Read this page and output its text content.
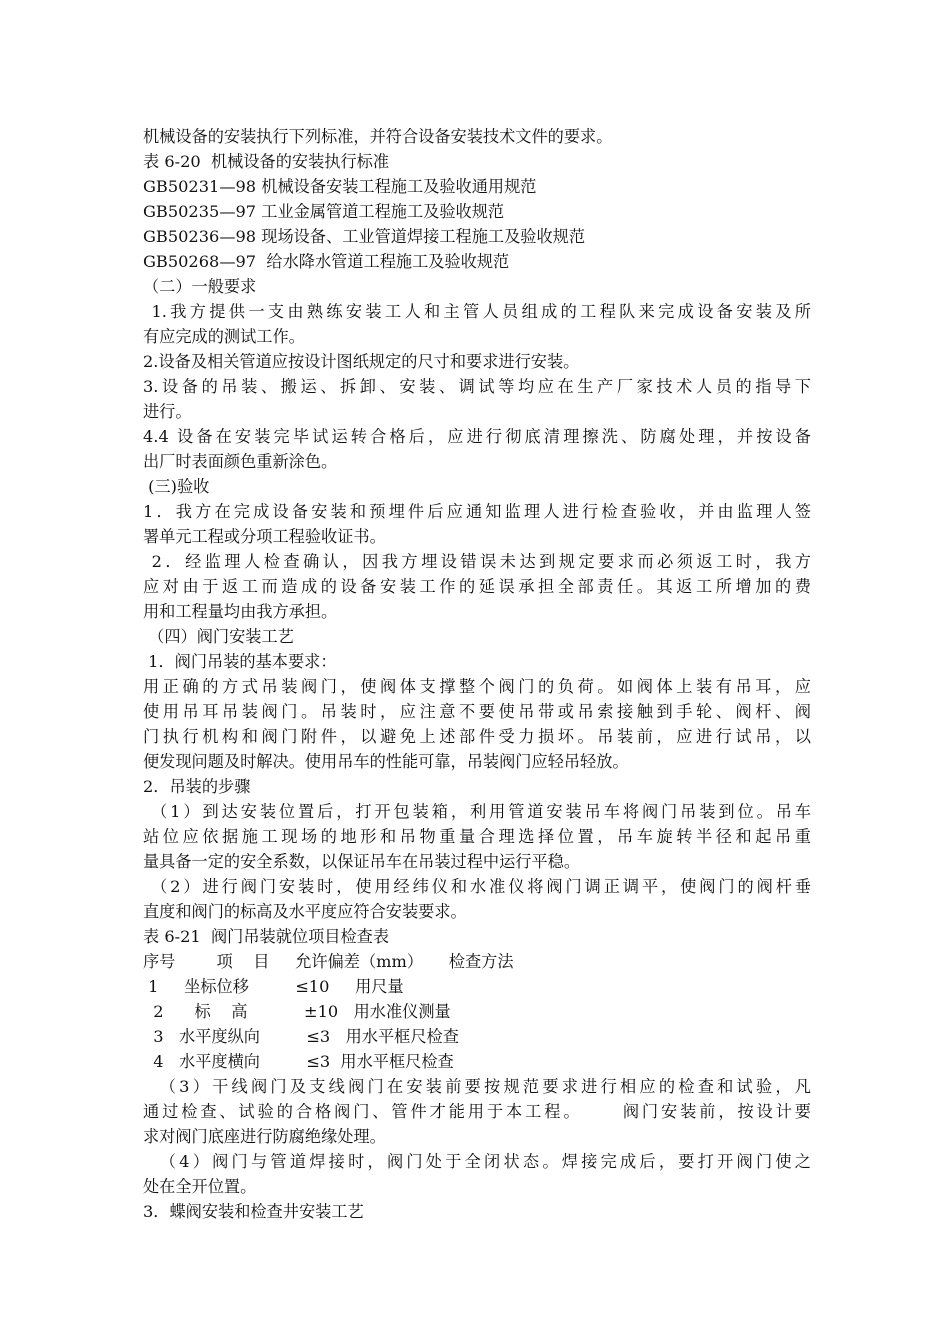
机械设备的安装执行下列标准，并符合设备安装技术文件的要求。
表 6-20  机械设备的安装执行标准
GB50231—98 机械设备安装工程施工及验收通用规范
GB50235—97 工业金属管道工程施工及验收规范
GB50236—98 现场设备、工业管道焊接工程施工及验收规范
GB50268—97  给水降水管道工程施工及验收规范
（二）一般要求
1.我方提供一支由熟练安装工人和主管人员组成的工程队来完成设备安装及所
有应完成的测试工作。
2.设备及相关管道应按设计图纸规定的尺寸和要求进行安装。
3.设备的吊装、搬运、拆卸、安装、调试等均应在生产厂家技术人员的指导下
进行。
4.4 设备在安装完毕试运转合格后，应进行彻底清理擦洗、防腐处理，并按设备
出厂时表面颜色重新涂色。
(三)验收
1．我方在完成设备安装和预埋件后应通知监理人进行检查验收，并由监理人签
署单元工程或分项工程验收证书。
2．经监理人检查确认，因我方埋设错误未达到规定要求而必须返工时，我方
应对由于返工而造成的设备安装工作的延误承担全部责任。其返工所增加的费
用和工程量均由我方承担。
（四）阀门安装工艺
1．阀门吊装的基本要求：
用正确的方式吊装阀门，使阀体支撑整个阀门的负荷。如阀体上装有吊耳，应
使用吊耳吊装阀门。吊装时，应注意不要使吊带或吊索接触到手轮、阀杆、阀
门执行机构和阀门附件，以避免上述部件受力损坏。吊装前，应进行试吊，以
便发现问题及时解决。使用吊车的性能可靠，吊装阀门应轻吊轻放。
2．吊装的步骤
（1）到达安装位置后，打开包装箱，利用管道安装吊车将阀门吊装到位。吊车
站位应依据施工现场的地形和吊物重量合理选择位置，吊车旋转半径和起吊重
量具备一定的安全系数，以保证吊车在吊装过程中运行平稳。
（2）进行阀门安装时，使用经纬仪和水准仪将阀门调正调平，使阀门的阀杆垂
直度和阀门的标高及水平度应符合安装要求。
表 6-21  阀门吊装就位项目检查表
序号        项    目     允许偏差（mm）     检查方法
1     坐标位移         ≤10     用尺量
2      标    高           ±10   用水准仪测量
3   水平度纵向         ≤3   用水平框尺检查
4   水平度横向         ≤3  用水平框尺检查
（3）干线阀门及支线阀门在安装前要按规范要求进行相应的检查和试验，凡
通过检查、试验的合格阀门、管件才能用于本工程。     阀门安装前，按设计要
求对阀门底座进行防腐绝缘处理。
（4）阀门与管道焊接时，阀门处于全闭状态。焊接完成后，要打开阀门使之
处在全开位置。
3．蝶阀安装和检查井安装工艺
